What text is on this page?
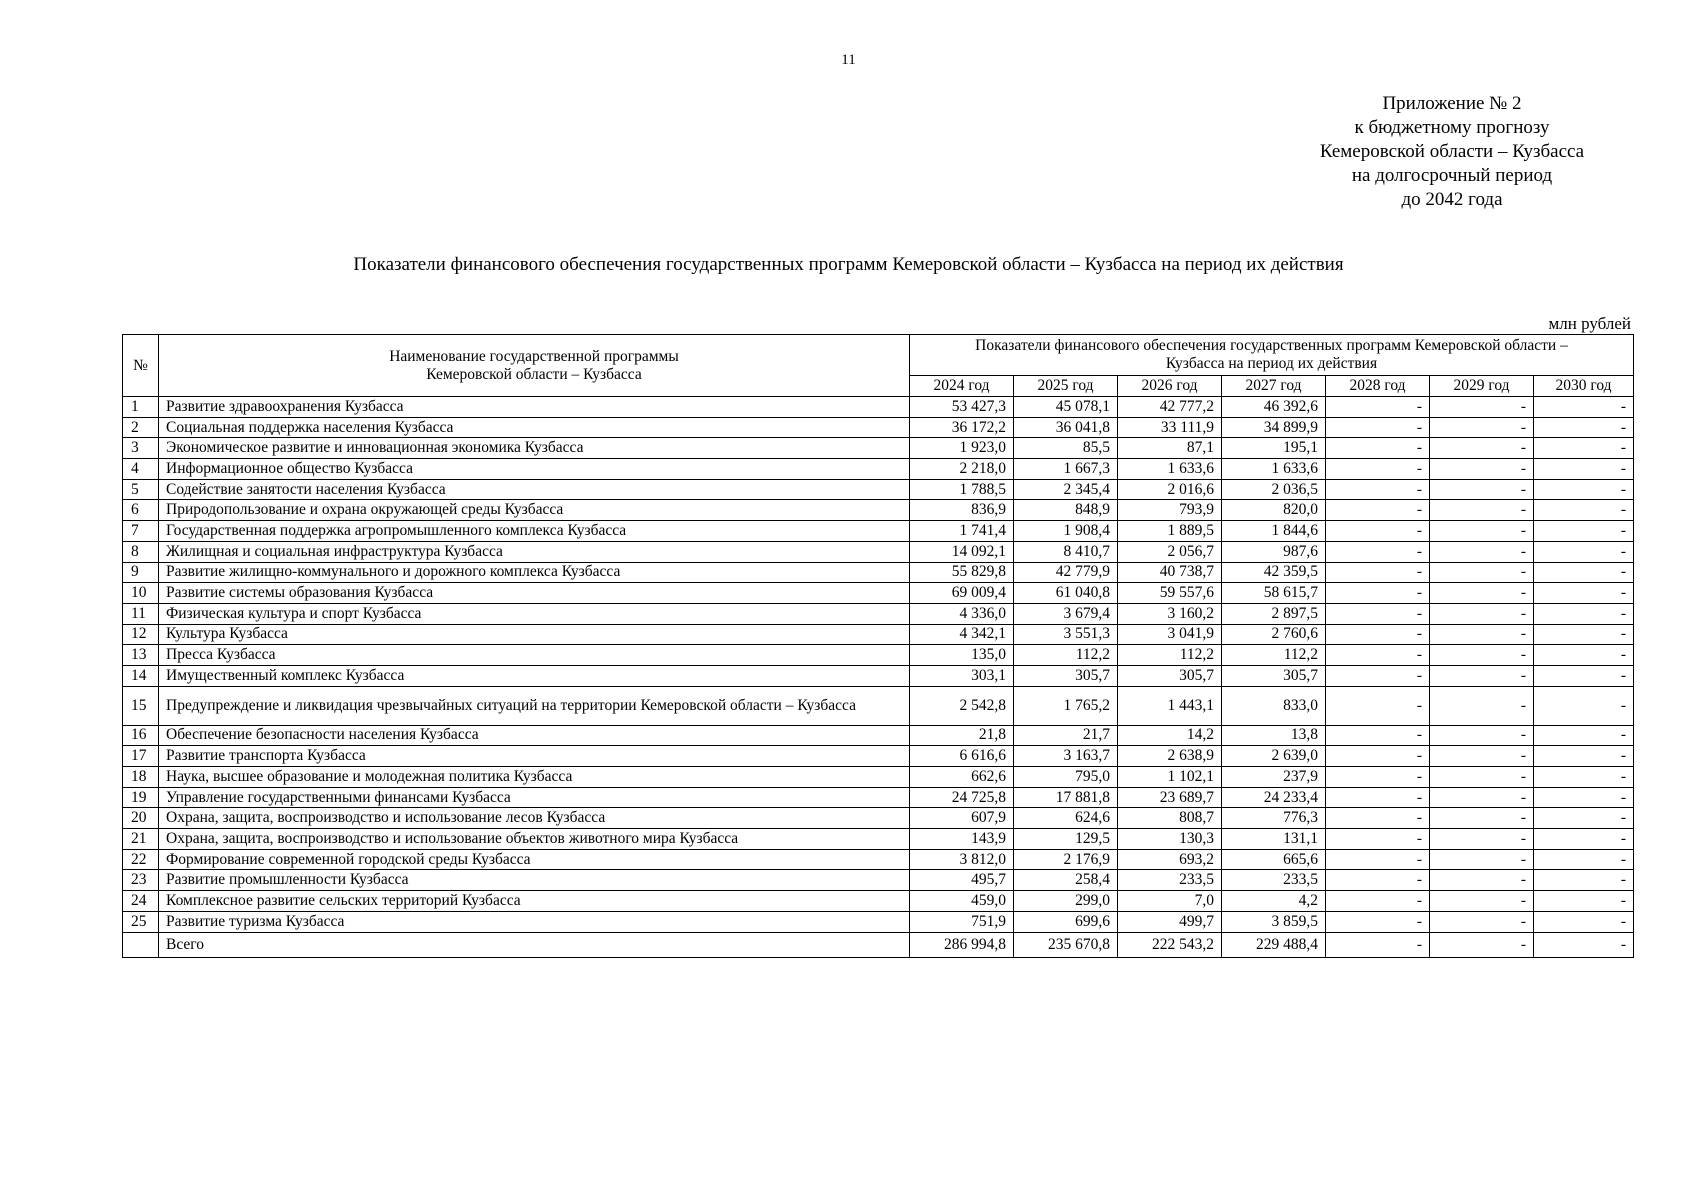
11
Приложение № 2
к бюджетному прогнозу
Кемеровской области – Кузбасса
на долгосрочный период
до 2042 года
Показатели финансового обеспечения государственных программ Кемеровской области – Кузбасса на период их действия
млн рублей
№	Наименование государственной программы Кемеровской области – Кузбасса	Показатели финансового обеспечения государственных программ Кемеровской области – Кузбасса на период их действия						
		2024 год	2025 год	2026 год	2027 год	2028 год	2029 год	2030 год
1	Развитие здравоохранения Кузбасса	53 427,3	45 078,1	42 777,2	46 392,6	-	-	-
2	Социальная поддержка населения Кузбасса	36 172,2	36 041,8	33 111,9	34 899,9	-	-	-
3	Экономическое развитие и инновационная экономика Кузбасса	1 923,0	85,5	87,1	195,1	-	-	-
4	Информационное общество Кузбасса	2 218,0	1 667,3	1 633,6	1 633,6	-	-	-
5	Содействие занятости населения Кузбасса	1 788,5	2 345,4	2 016,6	2 036,5	-	-	-
6	Природопользование и охрана окружающей среды Кузбасса	836,9	848,9	793,9	820,0	-	-	-
7	Государственная поддержка агропромышленного комплекса Кузбасса	1 741,4	1 908,4	1 889,5	1 844,6	-	-	-
8	Жилищная и социальная инфраструктура Кузбасса	14 092,1	8 410,7	2 056,7	987,6	-	-	-
9	Развитие жилищно-коммунального и дорожного комплекса Кузбасса	55 829,8	42 779,9	40 738,7	42 359,5	-	-	-
10	Развитие системы образования Кузбасса	69 009,4	61 040,8	59 557,6	58 615,7	-	-	-
11	Физическая культура и спорт Кузбасса	4 336,0	3 679,4	3 160,2	2 897,5	-	-	-
12	Культура Кузбасса	4 342,1	3 551,3	3 041,9	2 760,6	-	-	-
13	Пресса Кузбасса	135,0	112,2	112,2	112,2	-	-	-
14	Имущественный комплекс Кузбасса	303,1	305,7	305,7	305,7	-	-	-
15	Предупреждение и ликвидация чрезвычайных ситуаций на территории Кемеровской области – Кузбасса	2 542,8	1 765,2	1 443,1	833,0	-	-	-
16	Обеспечение безопасности населения Кузбасса	21,8	21,7	14,2	13,8	-	-	-
17	Развитие транспорта Кузбасса	6 616,6	3 163,7	2 638,9	2 639,0	-	-	-
18	Наука, высшее образование и молодежная политика Кузбасса	662,6	795,0	1 102,1	237,9	-	-	-
19	Управление государственными финансами Кузбасса	24 725,8	17 881,8	23 689,7	24 233,4	-	-	-
20	Охрана, защита, воспроизводство и использование лесов Кузбасса	607,9	624,6	808,7	776,3	-	-	-
21	Охрана, защита, воспроизводство и использование объектов животного мира Кузбасса	143,9	129,5	130,3	131,1	-	-	-
22	Формирование современной городской среды Кузбасса	3 812,0	2 176,9	693,2	665,6	-	-	-
23	Развитие промышленности Кузбасса	495,7	258,4	233,5	233,5	-	-	-
24	Комплексное развитие сельских территорий Кузбасса	459,0	299,0	7,0	4,2	-	-	-
25	Развитие туризма Кузбасса	751,9	699,6	499,7	3 859,5	-	-	-
	Всего	286 994,8	235 670,8	222 543,2	229 488,4	-	-	-
